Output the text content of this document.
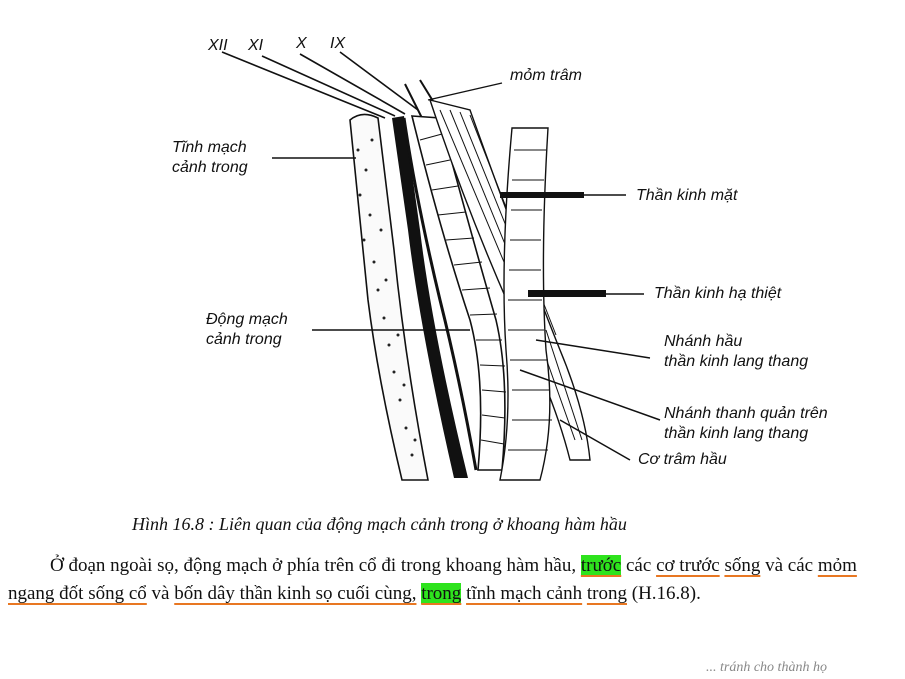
XII XI X IX
mỏm trâm
Tĩnh mạch
cảnh trong
Thần kinh mặt
Thần kinh hạ thiệt
Động mạch
cảnh trong	Nhánh hầu
thần kinh lang thang
Nhánh thanh quản trên
thần kinh lang thang
Cơ trâm hầu
Hình 16.8 : Liên quan của động mạch cảnh trong ở khoang hàm hầu
Ở đoạn ngoài sọ, động mạch ở phía trên cổ đi trong khoang hàm hầu, trước các cơ trước sống và các mỏm ngang đốt sống cổ và bốn dây thần kinh sọ cuối cùng, trong tĩnh mạch cảnh trong (H.16.8).
... tránh cho thành họ
